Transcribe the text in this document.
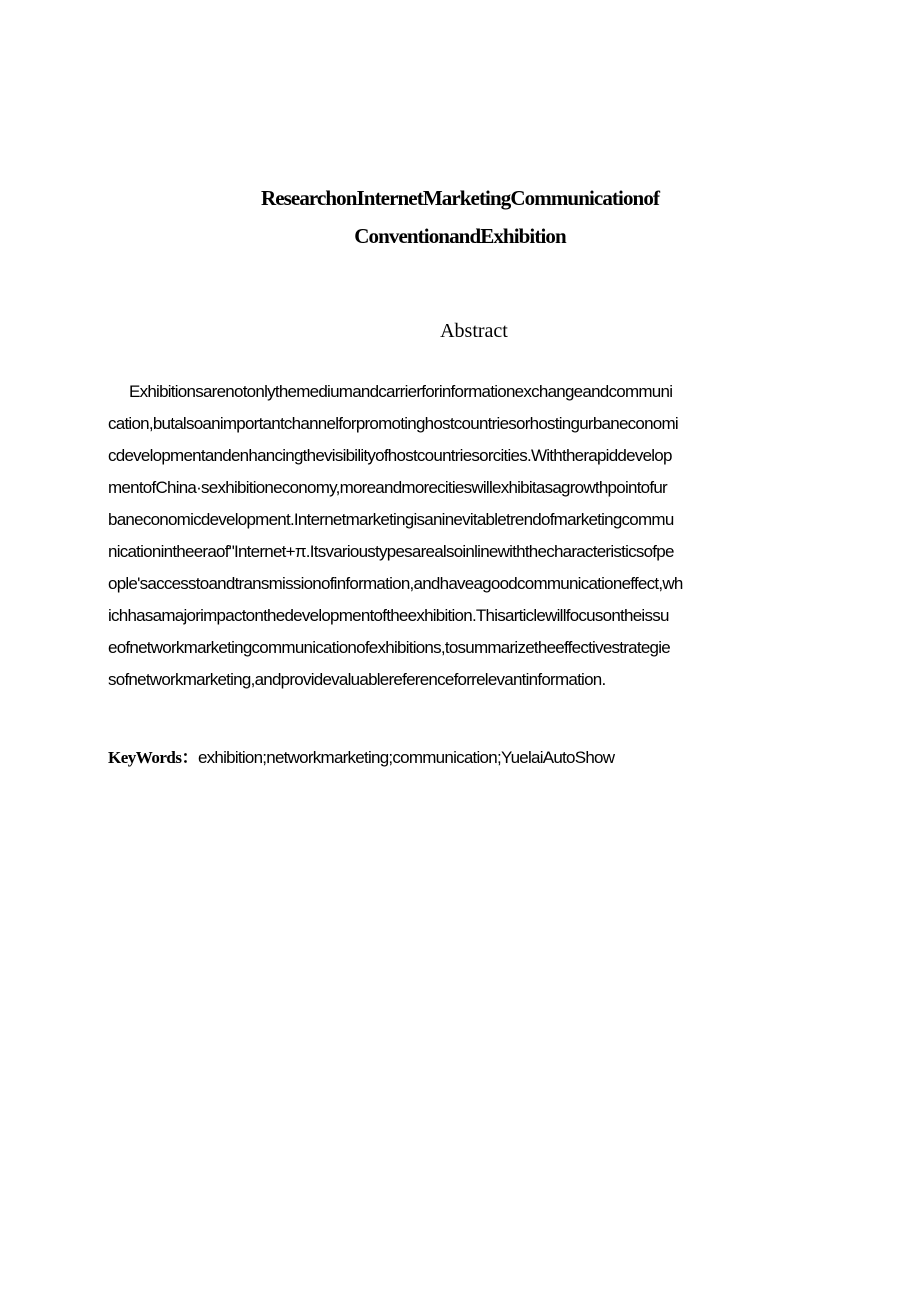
ResearchonInternetMarketingCommunicationof
ConventionandExhibition
Abstract
Exhibitionsarenotonlythemediumandcarrierforinformationexchangeandcommuni
cation,butalsoanimportantchannelforpromotinghostcountriesorhostingurbaneconomi
cdevelopmentandenhancingthevisibilityofhostcountriesorcities.Withtherapiddevelop
mentofChina·sexhibitioneconomy,moreandmorecitieswillexhibitasagrowthpointofur
baneconomicdevelopment.Internetmarketingisaninevitabletrendofmarketingcommu
nicationintheeraof"Internet+π.Itsvarioustypesarealsoinlinewiththecharacteristicsofpe
ople'saccesstoandtransmissionofinformation,andhaveagoodcommunicationeffect,wh
ichhasamajorimpactonthedevelopmentoftheexhibition.Thisarticlewillfocusontheissu
eofnetworkmarketingcommunicationofexhibitions,tosummarizetheeffectivestrategie
sofnetworkmarketing,andprovidevaluablereferenceforrelevantinformation.
KeyWords：exhibition;networkmarketing;communication;YuelaiAutoShow
